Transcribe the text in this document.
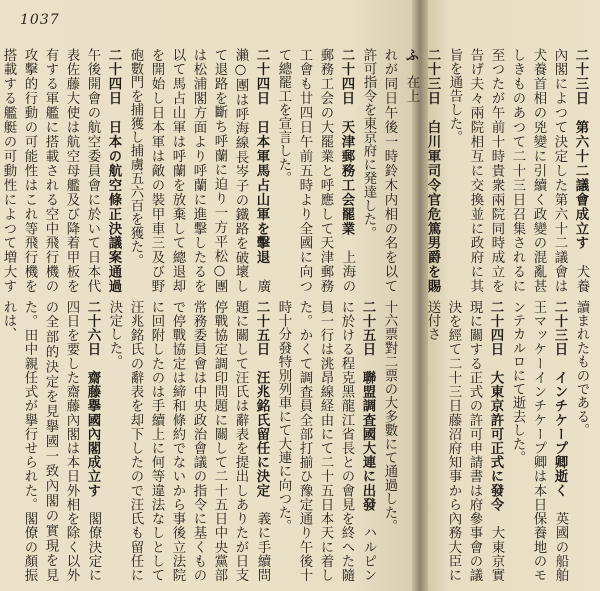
1037

れが同日午後一時鈴木内相の名を以て許可指令を東京府に発達した。

二十四日　天津郵務工会罷業　上海の郵務工会の大罷業と呼應して天津郵務工會も廿四日午前五時より全國に向つて總罷工を宣言した。

二十四日　日本軍馬占山軍を擊退　廣瀨○團は呼海線長岑子の鐵路を破壞して退路を斷ち呼蘭に迫り一方平松○團は松浦閣方面より呼蘭に進擊したるを以て馬占山軍は呼蘭を放棄して總退却を開始し日本軍は敵の裝甲車三及び野砲數門を捕獲し捕虜五六百を獲た。

二十四日　日本の航空條正決議案通過　午後開會の航空委員會に於いて日本代表佐藤大使は航空母艦及び降着甲板を有する軍艦に搭載される空中飛行機の攻擊的行動の可能性はこれ等飛行機を搭載する艦艇の可動性によつて増大す

十六票對二票の大多數にて通過した。

二十五日　聯盟調査國大連に出發　ハルピンに於ける程克黑龍江省長との會見を終へた隨員一行は洮昂線経由にて二十五日本天に着した。かくて調査員全部打揃ひ豫定通り午後十時十分發特別列車にて大連に向つた。

二十五日　汪兆銘氏留任に決定　義に手續問題に關して汪氏は辭表を提出しありたが日支停戰協定調印問題に關して二十五日中央黨部常務委員會は中央政治會議の指令に基くもので停戰協定は締和條約でないから事後立法院に回附したのは手續上に何等違法なしとして汪兆銘氏の辭表を却下したので汪氏も留任に決定した。

二十六日　齋藤擧國內閣成立す　閣僚決定に四日を要した齋藤內閣は本日外相を除く以外の全部的決定を見擧國一致內閣の實現を見た。田中親任式が擧行せられた。閣僚の顏振れは、

二十三日　第六十二議會成立す　犬養內閣によつて決定した第六十二議會は犬養首相の兇變に引續く政變の混亂甚しきものあつて二十三日召集されるに至つたが午前十時貴衆兩院同時成立を告げ夫々兩院相互に交換並に政府に其旨を通告した。

二十三日　白川軍司令官危篤男爵を賜ふ　在上

讀まれたものである。

二十三日　インチケープ卿逝く　英國の船舶王マッケーインチケープ卿は本日保養地のモンテカルロにて逝去した。

二十四日　大東京許可正式に發令　大東京實現に關する正式の許可申請書は府參事會の議決を經て二十三日藤沼府知事から內務大臣に送付さ
